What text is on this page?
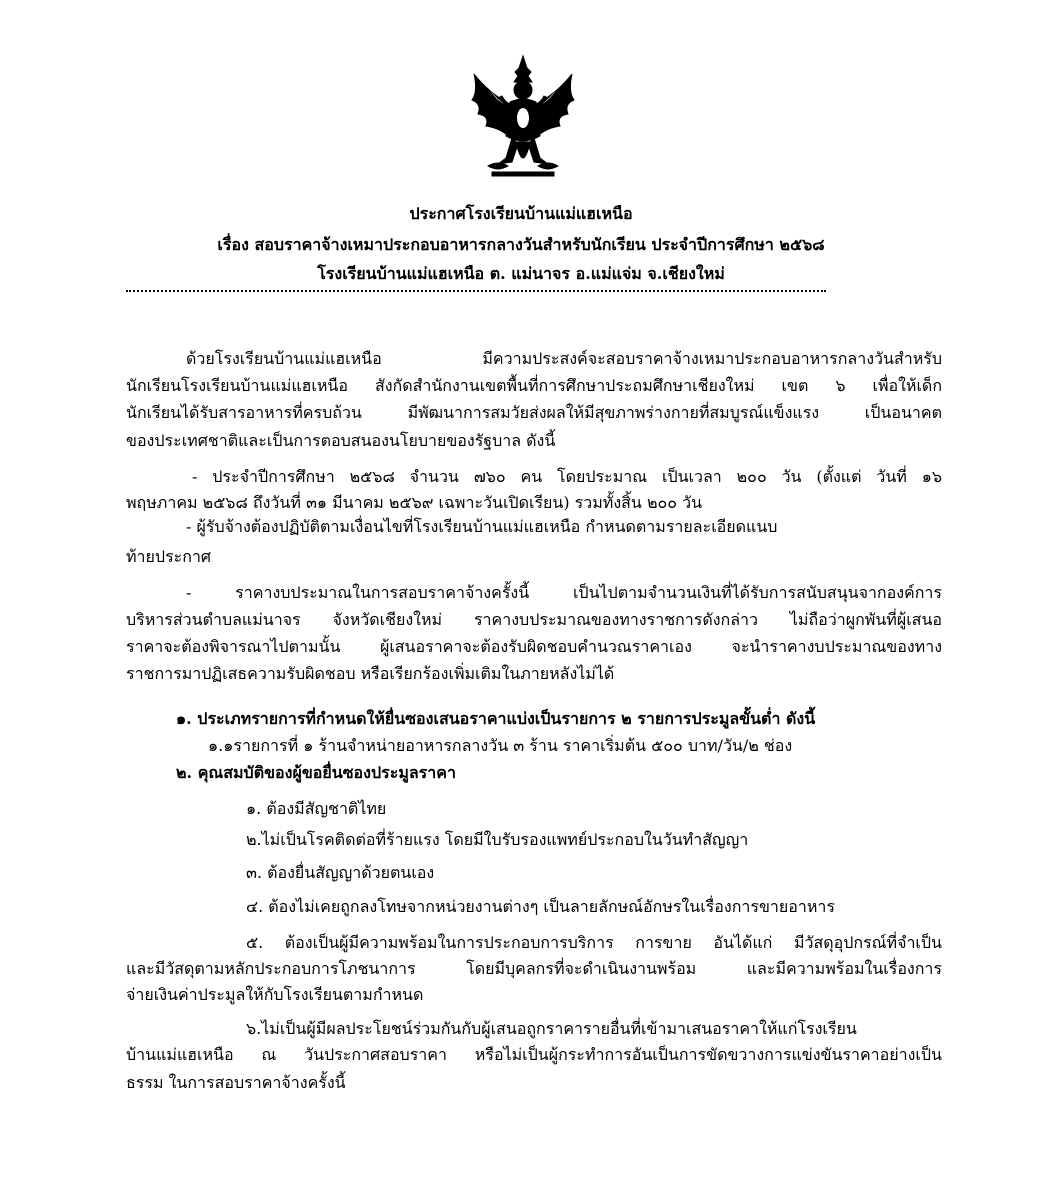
ประกาศโรงเรียนบ้านแม่แฮเหนือ
เรื่อง สอบราคาจ้างเหมาประกอบอาหารกลางวันสำหรับนักเรียน ประจำปีการศึกษา ๒๕๖๘
โรงเรียนบ้านแม่แฮเหนือ ต. แม่นาจร อ.แม่แจ่ม จ.เชียงใหม่
ด้วยโรงเรียนบ้านแม่แฮเหนือ มีความประสงค์จะสอบราคาจ้างเหมาประกอบอาหารกลางวันสำหรับ
นักเรียนโรงเรียนบ้านแม่แฮเหนือ สังกัดสำนักงานเขตพื้นที่การศึกษาประถมศึกษาเชียงใหม่ เขต ๖ เพื่อให้เด็ก
นักเรียนได้รับสารอาหารที่ครบถ้วน มีพัฒนาการสมวัยส่งผลให้มีสุขภาพร่างกายที่สมบูรณ์แข็งแรง เป็นอนาคต
ของประเทศชาติและเป็นการตอบสนองนโยบายของรัฐบาล ดังนี้
- ประจำปีการศึกษา ๒๕๖๘ จำนวน ๗๖๐ คน โดยประมาณ เป็นเวลา ๒๐๐ วัน (ตั้งแต่ วันที่ ๑๖
พฤษภาคม ๒๕๖๘ ถึงวันที่ ๓๑ มีนาคม ๒๕๖๙ เฉพาะวันเปิดเรียน) รวมทั้งสิ้น ๒๐๐ วัน
- ผู้รับจ้างต้องปฏิบัติตามเงื่อนไขที่โรงเรียนบ้านแม่แฮเหนือ กำหนดตามรายละเอียดแนบ
ท้ายประกาศ
- ราคางบประมาณในการสอบราคาจ้างครั้งนี้ เป็นไปตามจำนวนเงินที่ได้รับการสนับสนุนจากองค์การ
บริหารส่วนตำบลแม่นาจร จังหวัดเชียงใหม่ ราคางบประมาณของทางราชการดังกล่าว ไม่ถือว่าผูกพันที่ผู้เสนอ
ราคาจะต้องพิจารณาไปตามนั้น ผู้เสนอราคาจะต้องรับผิดชอบคำนวณราคาเอง จะนำราคางบประมาณของทาง
ราชการมาปฏิเสธความรับผิดชอบ หรือเรียกร้องเพิ่มเติมในภายหลังไม่ได้
๑. ประเภทรายการที่กำหนดให้ยื่นซองเสนอราคาแบ่งเป็นรายการ ๒ รายการประมูลขั้นต่ำ ดังนี้
๑.๑รายการที่ ๑ ร้านจำหน่ายอาหารกลางวัน ๓ ร้าน ราคาเริ่มต้น ๕๐๐ บาท/วัน/๒ ช่อง
๒. คุณสมบัติของผู้ขอยื่นซองประมูลราคา
๑. ต้องมีสัญชาติไทย
๒.ไม่เป็นโรคติดต่อที่ร้ายแรง โดยมีใบรับรองแพทย์ประกอบในวันทำสัญญา
๓. ต้องยื่นสัญญาด้วยตนเอง
๔. ต้องไม่เคยถูกลงโทษจากหน่วยงานต่างๆ เป็นลายลักษณ์อักษรในเรื่องการขายอาหาร
๕. ต้องเป็นผู้มีความพร้อมในการประกอบการบริการ การขาย อันได้แก่ มีวัสดุอุปกรณ์ที่จำเป็น
และมีวัสดุตามหลักประกอบการโภชนาการ โดยมีบุคลกรที่จะดำเนินงานพร้อม และมีความพร้อมในเรื่องการ
จ่ายเงินค่าประมูลให้กับโรงเรียนตามกำหนด
๖.ไม่เป็นผู้มีผลประโยชน์ร่วมกันกับผู้เสนอถูกราคารายอื่นที่เข้ามาเสนอราคาให้แก่โรงเรียน
บ้านแม่แฮเหนือ ณ วันประกาศสอบราคา หรือไม่เป็นผู้กระทำการอันเป็นการขัดขวางการแข่งขันราคาอย่างเป็น
ธรรม ในการสอบราคาจ้างครั้งนี้
